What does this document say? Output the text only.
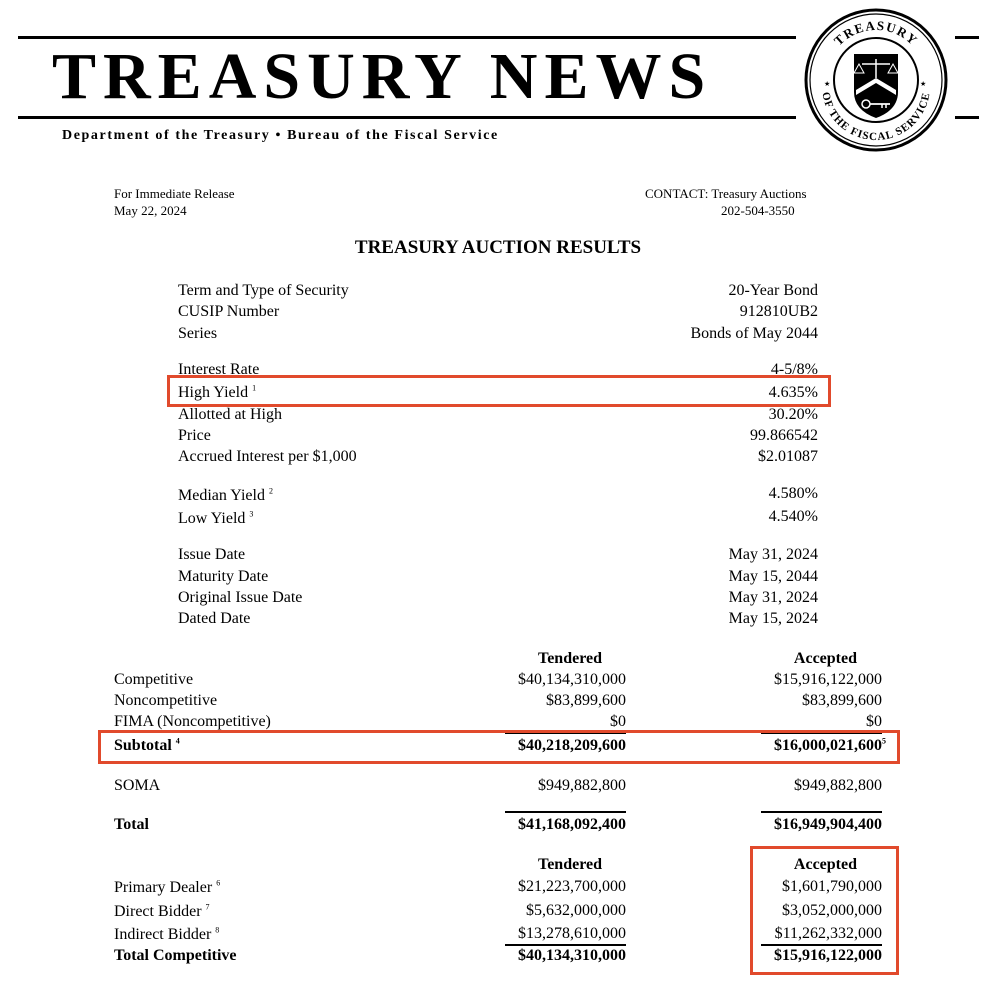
TREASURY NEWS
Department of the Treasury • Bureau of the Fiscal Service
TREASURY
OF THE FISCAL SERVICE
★	★
For Immediate Release
May 22, 2024
CONTACT: Treasury Auctions
202-504-3550
TREASURY AUCTION RESULTS
Term and Type of Security	20-Year Bond
CUSIP Number	912810UB2
Series	Bonds of May 2044
Interest Rate	4-5/8%
High Yield $^1$	4.635%
Allotted at High	30.20%
Price	99.866542
Accrued Interest per $1,000	$2.01087
Median Yield $^2$	4.580%
Low Yield $^3$	4.540%
Issue Date	May 31, 2024
Maturity Date	May 15, 2044
Original Issue Date	May 31, 2024
Dated Date	May 15, 2024
Tendered	Accepted
Competitive	$40,134,310,000	$15,916,122,000
Noncompetitive	$83,899,600	$83,899,600
FIMA (Noncompetitive)	$0	$0
Subtotal $^4$	$40,218,209,600	$16,000,021,600$^5$
SOMA	$949,882,800	$949,882,800
Total	$41,168,092,400	$16,949,904,400
Tendered	Accepted
Primary Dealer $^6$	$21,223,700,000	$1,601,790,000
Direct Bidder $^7$	$5,632,000,000	$3,052,000,000
Indirect Bidder $^8$	$13,278,610,000	$11,262,332,000
Total Competitive	$40,134,310,000	$15,916,122,000
